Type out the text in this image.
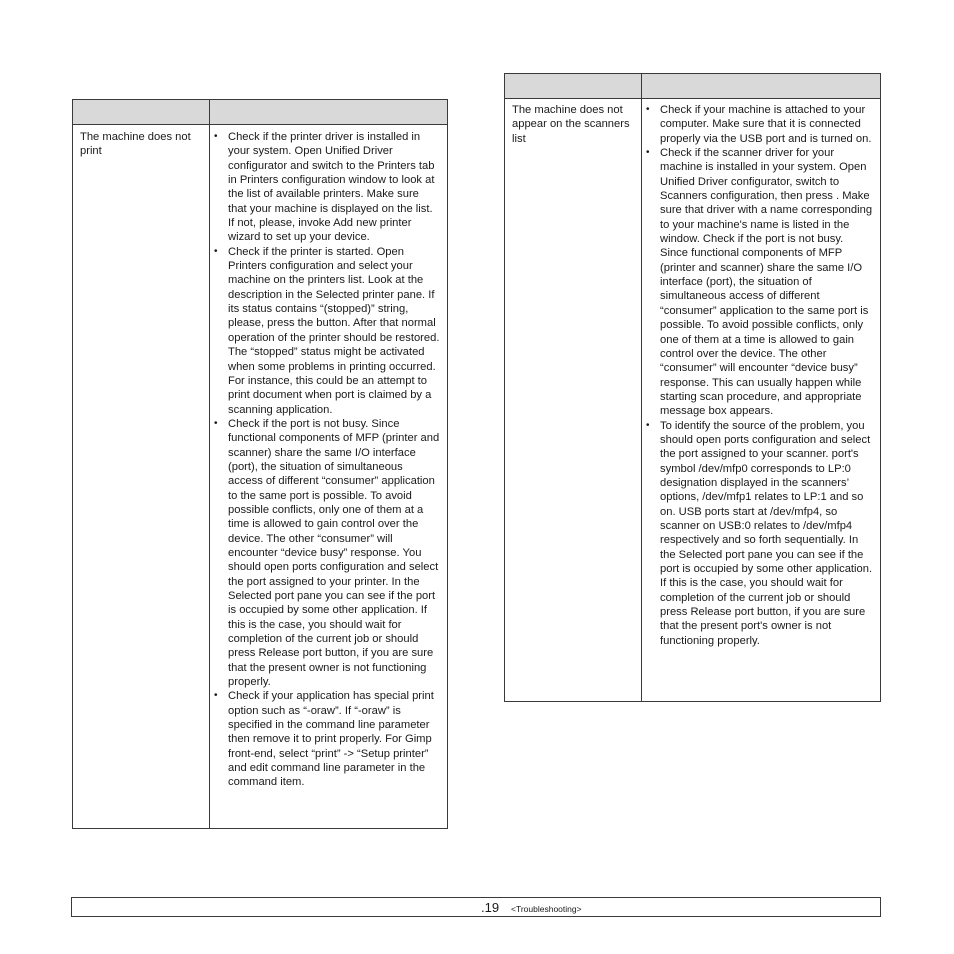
The machine does not print
• Check if the printer driver is installed in your system. Open Unified Driver configurator and switch to the Printers tab in Printers configuration window to look at the list of available printers. Make sure that your machine is displayed on the list. If not, please, invoke Add new printer wizard to set up your device.
• Check if the printer is started. Open Printers configuration and select your machine on the printers list. Look at the description in the Selected printer pane. If its status contains “(stopped)” string, please, press the button. After that normal operation of the printer should be restored. The “stopped” status might be activated when some problems in printing occurred. For instance, this could be an attempt to print document when port is claimed by a scanning application.
• Check if the port is not busy. Since functional components of MFP (printer and scanner) share the same I/O interface (port), the situation of simultaneous access of different “consumer” application to the same port is possible. To avoid possible conflicts, only one of them at a time is allowed to gain control over the device. The other “consumer” will encounter “device busy” response. You should open ports configuration and select the port assigned to your printer. In the Selected port pane you can see if the port is occupied by some other application. If this is the case, you should wait for completion of the current job or should press Release port button, if you are sure that the present owner is not functioning properly.
• Check if your application has special print option such as “-oraw”. If “-oraw” is specified in the command line parameter then remove it to print properly. For Gimp front-end, select “print” -> “Setup printer” and edit command line parameter in the command item.
The machine does not appear on the scanners list
• Check if your machine is attached to your computer. Make sure that it is connected properly via the USB port and is turned on.
• Check if the scanner driver for your machine is installed in your system. Open Unified Driver configurator, switch to Scanners configuration, then press . Make sure that driver with a name corresponding to your machine's name is listed in the window. Check if the port is not busy. Since functional components of MFP (printer and scanner) share the same I/O interface (port), the situation of simultaneous access of different “consumer” application to the same port is possible. To avoid possible conflicts, only one of them at a time is allowed to gain control over the device. The other “consumer” will encounter “device busy” response. This can usually happen while starting scan procedure, and appropriate message box appears.
• To identify the source of the problem, you should open ports configuration and select the port assigned to your scanner. port's symbol /dev/mfp0 corresponds to LP:0 designation displayed in the scanners’ options, /dev/mfp1 relates to LP:1 and so on. USB ports start at /dev/mfp4, so scanner on USB:0 relates to /dev/mfp4 respectively and so forth sequentially. In the Selected port pane you can see if the port is occupied by some other application. If this is the case, you should wait for completion of the current job or should press Release port button, if you are sure that the present port's owner is not functioning properly.
.19 <Troubleshooting>
